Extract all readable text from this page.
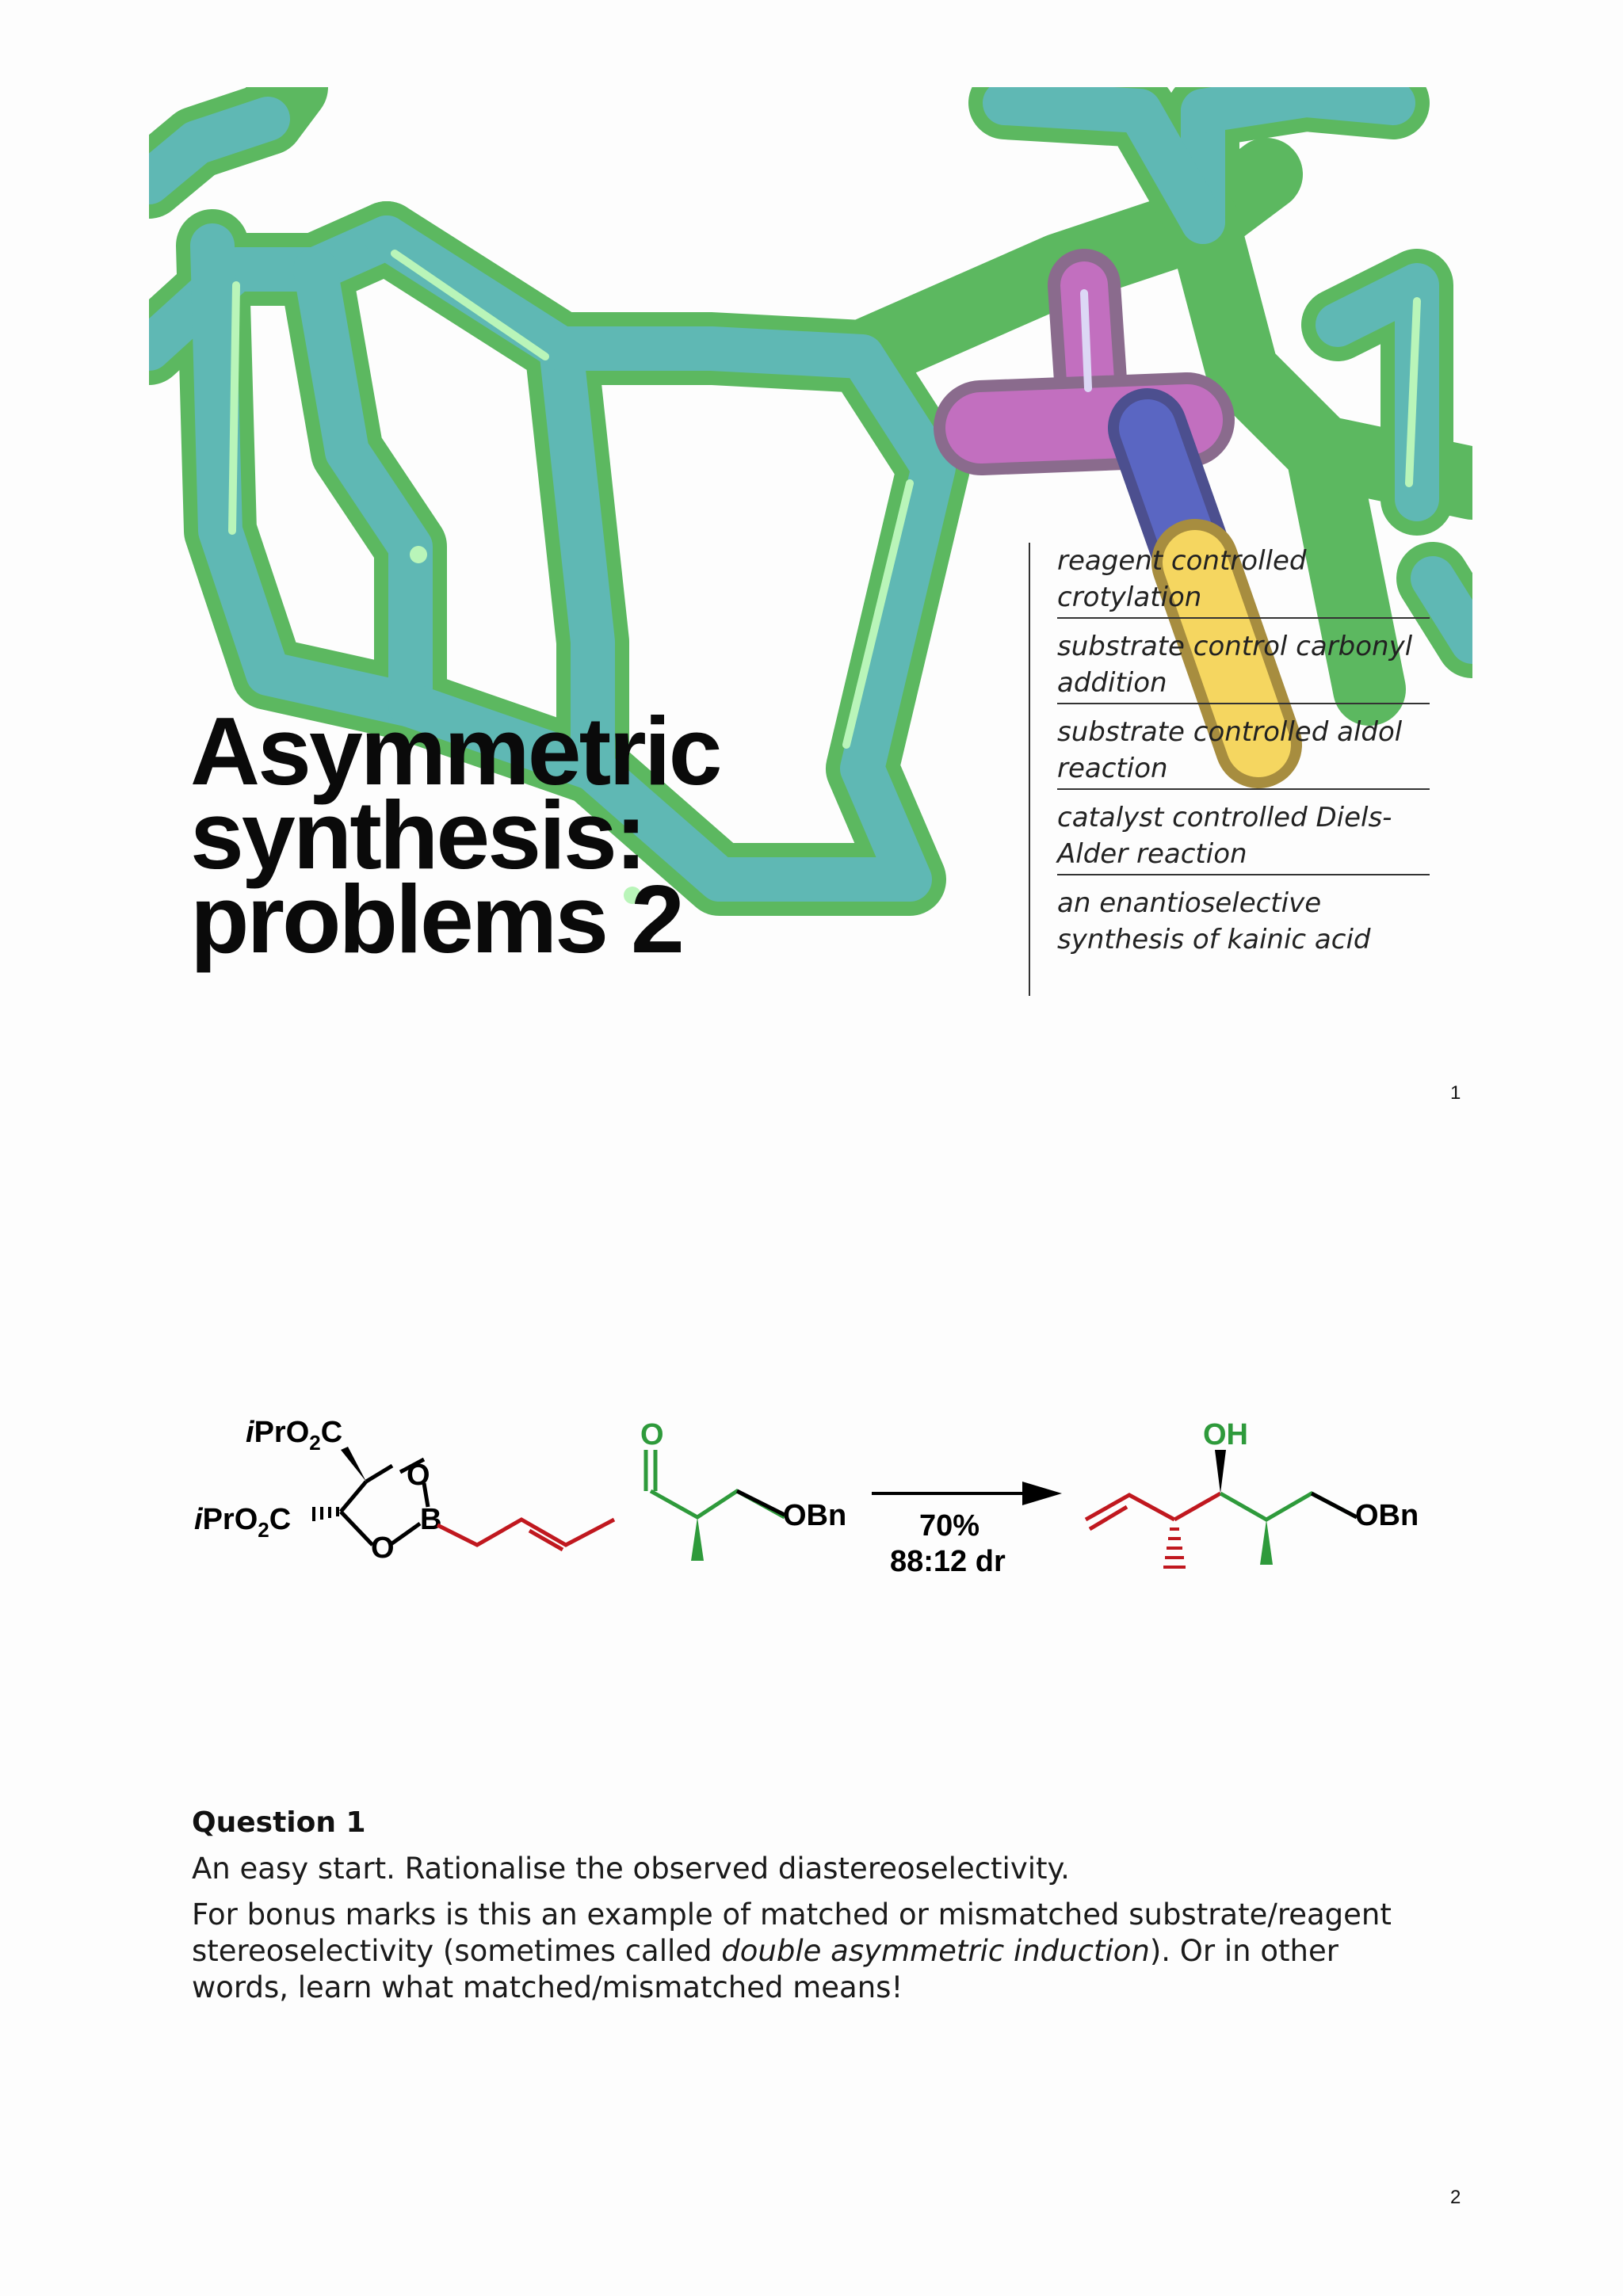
Asymmetric
synthesis:
problems 2
reagent controlled crotylation
substrate control carbonyl addition
substrate controlled aldol reaction
catalyst controlled Diels-Alder reaction
an enantioselective synthesis of kainic acid
1
iPrO$_2$C
iPrO$_2$C
O
O
B
O
OBn 70%
88:12 dr
OH
OBn
Question 1

An easy start. Rationalise the observed diastereoselectivity.

For bonus marks is this an example of matched or mismatched substrate/reagent stereoselectivity (sometimes called double asymmetric induction). Or in other words, learn what matched/mismatched means!

2
